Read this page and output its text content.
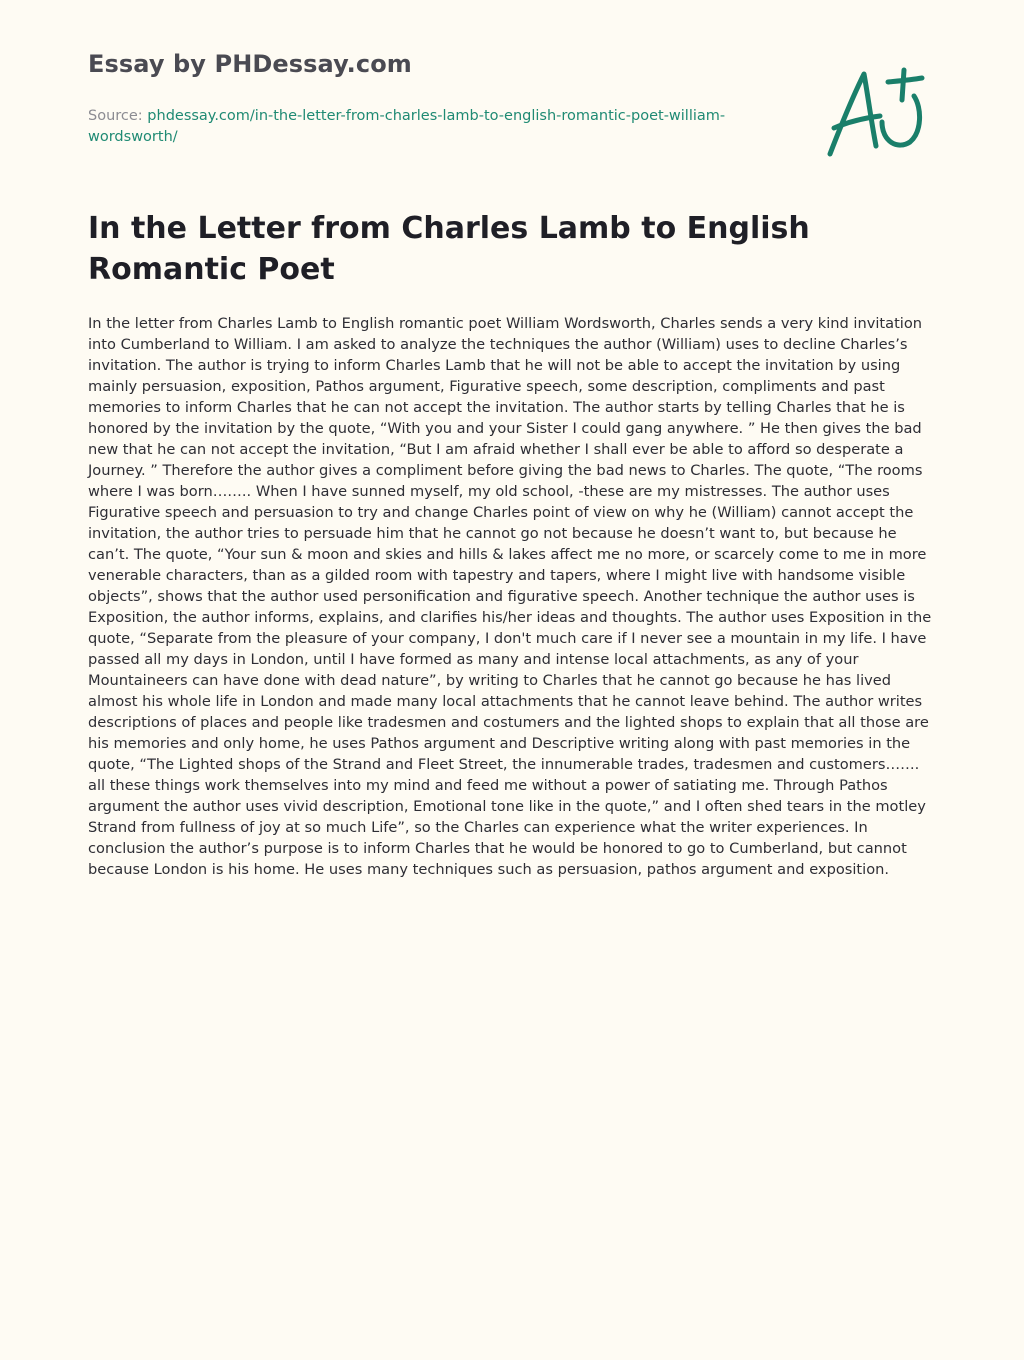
Essay by PHDessay.com
Source: phdessay.com/in-the-letter-from-charles-lamb-to-english-romantic-poet-william-wordsworth/
In the Letter from Charles Lamb to English Romantic Poet

In the letter from Charles Lamb to English romantic poet William Wordsworth, Charles sends a very kind invitation into Cumberland to William. I am asked to analyze the techniques the author (William) uses to decline Charles’s invitation. The author is trying to inform Charles Lamb that he will not be able to accept the invitation by using mainly persuasion, exposition, Pathos argument, Figurative speech, some description, compliments and past memories to inform Charles that he can not accept the invitation. The author starts by telling Charles that he is honored by the invitation by the quote, “With you and your Sister I could gang anywhere. ” He then gives the bad new that he can not accept the invitation, “But I am afraid whether I shall ever be able to afford so desperate a Journey. ” Therefore the author gives a compliment before giving the bad news to Charles. The quote, “The rooms where I was born…….. When I have sunned myself, my old school, -these are my mistresses. The author uses Figurative speech and persuasion to try and change Charles point of view on why he (William) cannot accept the invitation, the author tries to persuade him that he cannot go not because he doesn’t want to, but because he can’t. The quote, “Your sun & moon and skies and hills & lakes affect me no more, or scarcely come to me in more venerable characters, than as a gilded room with tapestry and tapers, where I might live with handsome visible objects”, shows that the author used personification and figurative speech. Another technique the author uses is Exposition, the author informs, explains, and clarifies his/her ideas and thoughts. The author uses Exposition in the quote, “Separate from the pleasure of your company, I don't much care if I never see a mountain in my life. I have passed all my days in London, until I have formed as many and intense local attachments, as any of your Mountaineers can have done with dead nature”, by writing to Charles that he cannot go because he has lived almost his whole life in London and made many local attachments that he cannot leave behind. The author writes descriptions of places and people like tradesmen and costumers and the lighted shops to explain that all those are his memories and only home, he uses Pathos argument and Descriptive writing along with past memories in the quote, “The Lighted shops of the Strand and Fleet Street, the innumerable trades, tradesmen and customers……. all these things work themselves into my mind and feed me without a power of satiating me. Through Pathos argument the author uses vivid description, Emotional tone like in the quote,” and I often shed tears in the motley Strand from fullness of joy at so much Life”, so the Charles can experience what the writer experiences. In conclusion the author’s purpose is to inform Charles that he would be honored to go to Cumberland, but cannot because London is his home. He uses many techniques such as persuasion, pathos argument and exposition.
